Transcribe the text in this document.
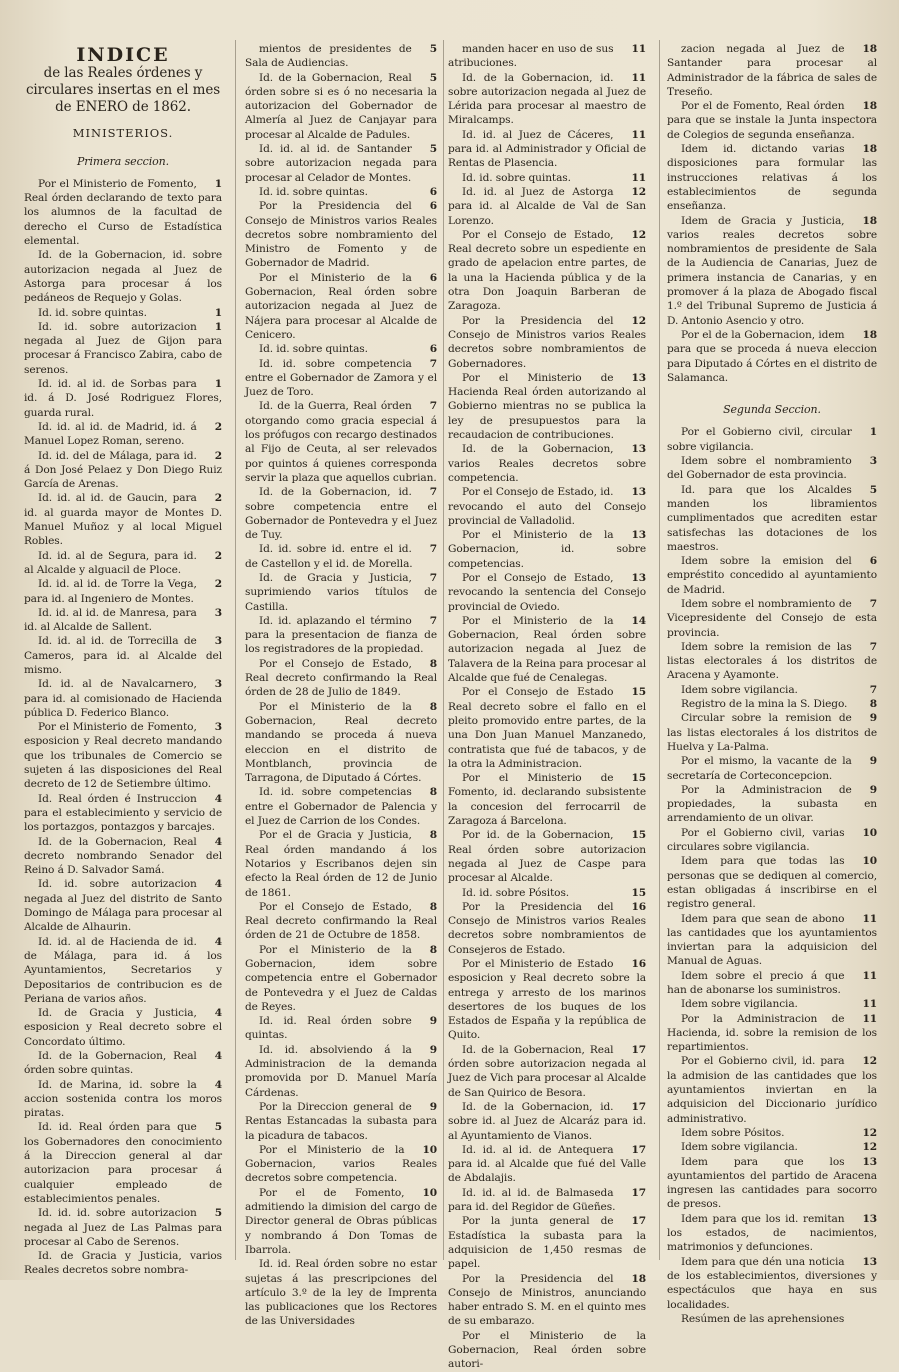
INDICE
de las Reales órdenes y circulares insertas en el mes de ENERO de 1862.
MINISTERIOS.
Primera seccion.

1
Por el Ministerio de Fomento, Real órden declarando de texto para los alumnos de la facultad de derecho el Curso de Estadística elemental.

Id. de la Gobernacion, id. sobre autorizacion negada al Juez de Astorga para procesar á los pedáneos de Requejo y Golas.

1
Id. id. sobre quintas.

1
Id. id. sobre autorizacion negada al Juez de Gijon para procesar á Francisco Zabira, cabo de serenos.

1
Id. id. al id. de Sorbas para id. á D. José Rodriguez Flores, guarda rural.

2
Id. id. al id. de Madrid, id. á Manuel Lopez Roman, sereno.

2
Id. id. del de Málaga, para id. á Don José Pelaez y Don Diego Ruiz García de Arenas.

2
Id. id. al id. de Gaucin, para id. al guarda mayor de Montes D. Manuel Muñoz y al local Miguel Robles.

2
Id. id. al de Segura, para id. al Alcalde y alguacil de Ploce.

2
Id. id. al id. de Torre la Vega, para id. al Ingeniero de Montes.

3
Id. id. al id. de Manresa, para id. al Alcalde de Sallent.

3
Id. id. al id. de Torrecilla de Cameros, para id. al Alcalde del mismo.

3
Id. id. al de Navalcarnero, para id. al comisionado de Hacienda pública D. Federico Blanco.

3
Por el Ministerio de Fomento, esposicion y Real decreto mandando que los tribunales de Comercio se sujeten á las disposiciones del Real decreto de 12 de Setiembre último.

4
Id. Real órden é Instruccion para el establecimiento y servicio de los portazgos, pontazgos y barcajes.

4
Id. de la Gobernacion, Real decreto nombrando Senador del Reino á D. Salvador Samá.

4
Id. id. sobre autorizacion negada al Juez del distrito de Santo Domingo de Málaga para procesar al Alcalde de Alhaurin.

4
Id. id. al de Hacienda de id. de Málaga, para id. á los Ayuntamientos, Secretarios y Depositarios de contribucion es de Periana de varios años.

4
Id. de Gracia y Justicia, esposicion y Real decreto sobre el Concordato último.

4
Id. de la Gobernacion, Real órden sobre quintas.

4
Id. de Marina, id. sobre la accion sostenida contra los moros piratas.

5
Id. id. Real órden para que los Gobernadores den conocimiento á la Direccion general al dar autorizacion para procesar á cualquier empleado de establecimientos penales.

5
Id. id. id. sobre autorizacion negada al Juez de Las Palmas para procesar al Cabo de Serenos.

Id. de Gracia y Justicia, varios Reales decretos sobre nombra-

5
mientos de presidentes de Sala de Audiencias.

5
Id. de la Gobernacion, Real órden sobre si es ó no necesaria la autorizacion del Gobernador de Almería al Juez de Canjayar para procesar al Alcalde de Padules.

5
Id. id. al id. de Santander sobre autorizacion negada para procesar al Celador de Montes.

6
Id. id. sobre quintas.

6
Por la Presidencia del Consejo de Ministros varios Reales decretos sobre nombramiento del Ministro de Fomento y de Gobernador de Madrid.

6
Por el Ministerio de la Gobernacion, Real órden sobre autorizacion negada al Juez de Nájera para procesar al Alcalde de Cenicero.

6
Id. id. sobre quintas.

7
Id. id. sobre competencia entre el Gobernador de Zamora y el Juez de Toro.

7
Id. de la Guerra, Real órden otorgando como gracia especial á los prófugos con recargo destinados al Fijo de Ceuta, al ser relevados por quintos á quienes corresponda servir la plaza que aquellos cubrian.

7
Id. de la Gobernacion, id. sobre competencia entre el Gobernador de Pontevedra y el Juez de Tuy.

7
Id. id. sobre id. entre el id. de Castellon y el id. de Morella.

7
Id. de Gracia y Justicia, suprimiendo varios títulos de Castilla.

7
Id. id. aplazando el término para la presentacion de fianza de los registradores de la propiedad.

8
Por el Consejo de Estado, Real decreto confirmando la Real órden de 28 de Julio de 1849.

8
Por el Ministerio de la Gobernacion, Real decreto mandando se proceda á nueva eleccion en el distrito de Montblanch, provincia de Tarragona, de Diputado á Córtes.

8
Id. id. sobre competencias entre el Gobernador de Palencia y el Juez de Carrion de los Condes.

8
Por el de Gracia y Justicia, Real órden mandando á los Notarios y Escribanos dejen sin efecto la Real órden de 12 de Junio de 1861.

8
Por el Consejo de Estado, Real decreto confirmando la Real órden de 21 de Octubre de 1858.

8
Por el Ministerio de la Gobernacion, idem sobre competencia entre el Gobernador de Pontevedra y el Juez de Caldas de Reyes.

9
Id. id. Real órden sobre quintas.

9
Id. id. absolviendo á la Administracion de la demanda promovida por D. Manuel María Cárdenas.

9
Por la Direccion general de Rentas Estancadas la subasta para la picadura de tabacos.

10
Por el Ministerio de la Gobernacion, varios Reales decretos sobre competencia.

10
Por el de Fomento, admitiendo la dimision del cargo de Director general de Obras públicas y nombrando á Don Tomas de Ibarrola.

Id. id. Real órden sobre no estar sujetas á las prescripciones del artículo 3.º de la ley de Imprenta las publicaciones que los Rectores de las Universidades

11
manden hacer en uso de sus atribuciones.

11
Id. de la Gobernacion, id. sobre autorizacion negada al Juez de Lérida para procesar al maestro de Miralcamps.

11
Id. id. al Juez de Cáceres, para id. al Administrador y Oficial de Rentas de Plasencia.

11
Id. id. sobre quintas.

12
Id. id. al Juez de Astorga para id. al Alcalde de Val de San Lorenzo.

12
Por el Consejo de Estado, Real decreto sobre un espediente en grado de apelacion entre partes, de la una la Hacienda pública y de la otra Don Joaquin Barberan de Zaragoza.

12
Por la Presidencia del Consejo de Ministros varios Reales decretos sobre nombramientos de Gobernadores.

13
Por el Ministerio de Hacienda Real órden autorizando al Gobierno mientras no se publica la ley de presupuestos para la recaudacion de contribuciones.

13
Id. de la Gobernacion, varios Reales decretos sobre competencia.

13
Por el Consejo de Estado, id. revocando el auto del Consejo provincial de Valladolid.

13
Por el Ministerio de la Gobernacion, id. sobre competencias.

13
Por el Consejo de Estado, revocando la sentencia del Consejo provincial de Oviedo.

14
Por el Ministerio de la Gobernacion, Real órden sobre autorizacion negada al Juez de Talavera de la Reina para procesar al Alcalde que fué de Cenalegas.

15
Por el Consejo de Estado Real decreto sobre el fallo en el pleito promovido entre partes, de la una Don Juan Manuel Manzanedo, contratista que fué de tabacos, y de la otra la Administracion.

15
Por el Ministerio de Fomento, id. declarando subsistente la concesion del ferrocarril de Zaragoza á Barcelona.

15
Por id. de la Gobernacion, Real órden sobre autorizacion negada al Juez de Caspe para procesar al Alcalde.

15
Id. id. sobre Pósitos.

16
Por la Presidencia del Consejo de Ministros varios Reales decretos sobre nombramientos de Consejeros de Estado.

16
Por el Ministerio de Estado esposicion y Real decreto sobre la entrega y arresto de los marinos desertores de los buques de los Estados de España y la república de Quito.

17
Id. de la Gobernacion, Real órden sobre autorizacion negada al Juez de Vich para procesar al Alcalde de San Quirico de Besora.

17
Id. de la Gobernacion, id. sobre id. al Juez de Alcaráz para id. al Ayuntamiento de Vianos.

17
Id. id. al id. de Antequera para id. al Alcalde que fué del Valle de Abdalajis.

17
Id. id. al id. de Balmaseda para id. del Regidor de Güeñes.

17
Por la junta general de Estadística la subasta para la adquisicion de 1,450 resmas de papel.

18
Por la Presidencia del Consejo de Ministros, anunciando haber entrado S. M. en el quinto mes de su embarazo.

Por el Ministerio de la Gobernacion, Real órden sobre autori-

18
zacion negada al Juez de Santander para procesar al Administrador de la fábrica de sales de Treseño.

18
Por el de Fomento, Real órden para que se instale la Junta inspectora de Colegios de segunda enseñanza.

18
Idem id. dictando varias disposiciones para formular las instrucciones relativas á los establecimientos de segunda enseñanza.

18
Idem de Gracia y Justicia, varios reales decretos sobre nombramientos de presidente de Sala de la Audiencia de Canarias, Juez de primera instancia de Canarias, y en promover á la plaza de Abogado fiscal 1.º del Tribunal Supremo de Justicia á D. Antonio Asencio y otro.

18
Por el de la Gobernacion, idem para que se proceda á nueva eleccion para Diputado á Córtes en el distrito de Salamanca.

Segunda Seccion.

1
Por el Gobierno civil, circular sobre vigilancia.

3
Idem sobre el nombramiento del Gobernador de esta provincia.

5
Id. para que los Alcaldes manden los libramientos cumplimentados que acrediten estar satisfechas las dotaciones de los maestros.

6
Idem sobre la emision del empréstito concedido al ayuntamiento de Madrid.

7
Idem sobre el nombramiento de Vicepresidente del Consejo de esta provincia.

7
Idem sobre la remision de las listas electorales á los distritos de Aracena y Ayamonte.

7
Idem sobre vigilancia.

8
Registro de la mina la S. Diego.

9
Circular sobre la remision de las listas electorales á los distritos de Huelva y La-Palma.

9
Por el mismo, la vacante de la secretaría de Corteconcepcion.

9
Por la Administracion de propiedades, la subasta en arrendamiento de un olivar.

10
Por el Gobierno civil, varias circulares sobre vigilancia.

10
Idem para que todas las personas que se dediquen al comercio, estan obligadas á inscribirse en el registro general.

11
Idem para que sean de abono las cantidades que los ayuntamientos inviertan para la adquisicion del Manual de Aguas.

11
Idem sobre el precio á que han de abonarse los suministros.

11
Idem sobre vigilancia.

11
Por la Administracion de Hacienda, id. sobre la remision de los repartimientos.

12
Por el Gobierno civil, id. para la admision de las cantidades que los ayuntamientos inviertan en la adquisicion del Diccionario jurídico administrativo.

12
Idem sobre Pósitos.

12
Idem sobre vigilancia.

13
Idem para que los ayuntamientos del partido de Aracena ingresen las cantidades para socorro de presos.

13
Idem para que los id. remitan los estados, de nacimientos, matrimonios y defunciones.

13
Idem para que dén una noticia de los establecimientos, diversiones y espectáculos que haya en sus localidades.

Resúmen de las aprehensiones
